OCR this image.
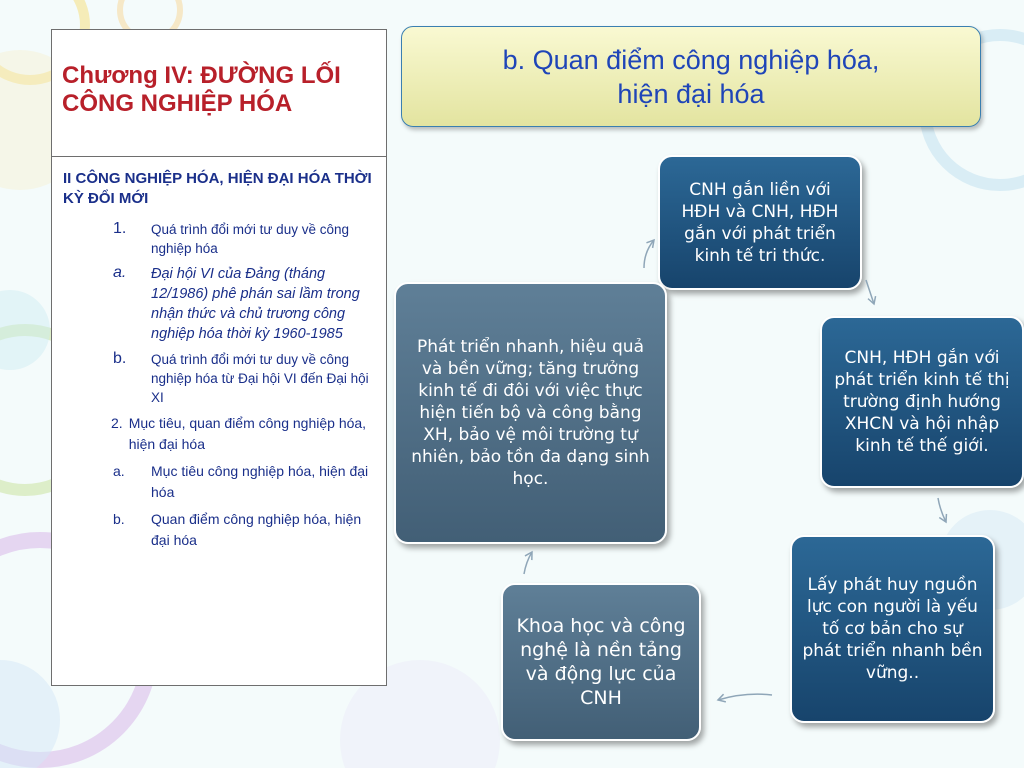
Chương IV: ĐƯỜNG LỐI CÔNG NGHIỆP HÓA
II CÔNG NGHIỆP HÓA, HIỆN ĐẠI HÓA THỜI KỲ ĐỔI MỚI
1.	Quá trình đổi mới tư duy về công nghiệp hóa
a.	Đại hội VI của Đảng (tháng 12/1986) phê phán sai lầm trong nhận thức và chủ trương công nghiệp hóa thời kỳ 1960-1985
b.	Quá trình đổi mới tư duy về công nghiệp hóa từ Đại hội VI đến Đại hội XI
2. Mục tiêu, quan điểm công nghiệp hóa, hiện đại hóa
a.	Mục tiêu công nghiệp hóa, hiện đại hóa
b.	Quan điểm công nghiệp hóa, hiện đại hóa
b. Quan điểm công nghiệp hóa,
hiện đại hóa
CNH gắn liền với HĐH và CNH, HĐH gắn với phát triển kinh tế tri thức.
CNH, HĐH gắn với phát triển kinh tế thị trường định hướng XHCN và hội nhập kinh tế thế giới.
Lấy phát huy nguồn lực con người là yếu tố cơ bản cho sự phát triển nhanh bền vững..
Khoa học và công nghệ là nền tảng và động lực của CNH
Phát triển nhanh, hiệu quả và bền vững; tăng trưởng kinh tế đi đôi với việc thực hiện tiến bộ và công bằng XH, bảo vệ môi trường tự nhiên, bảo tồn đa dạng sinh học.
